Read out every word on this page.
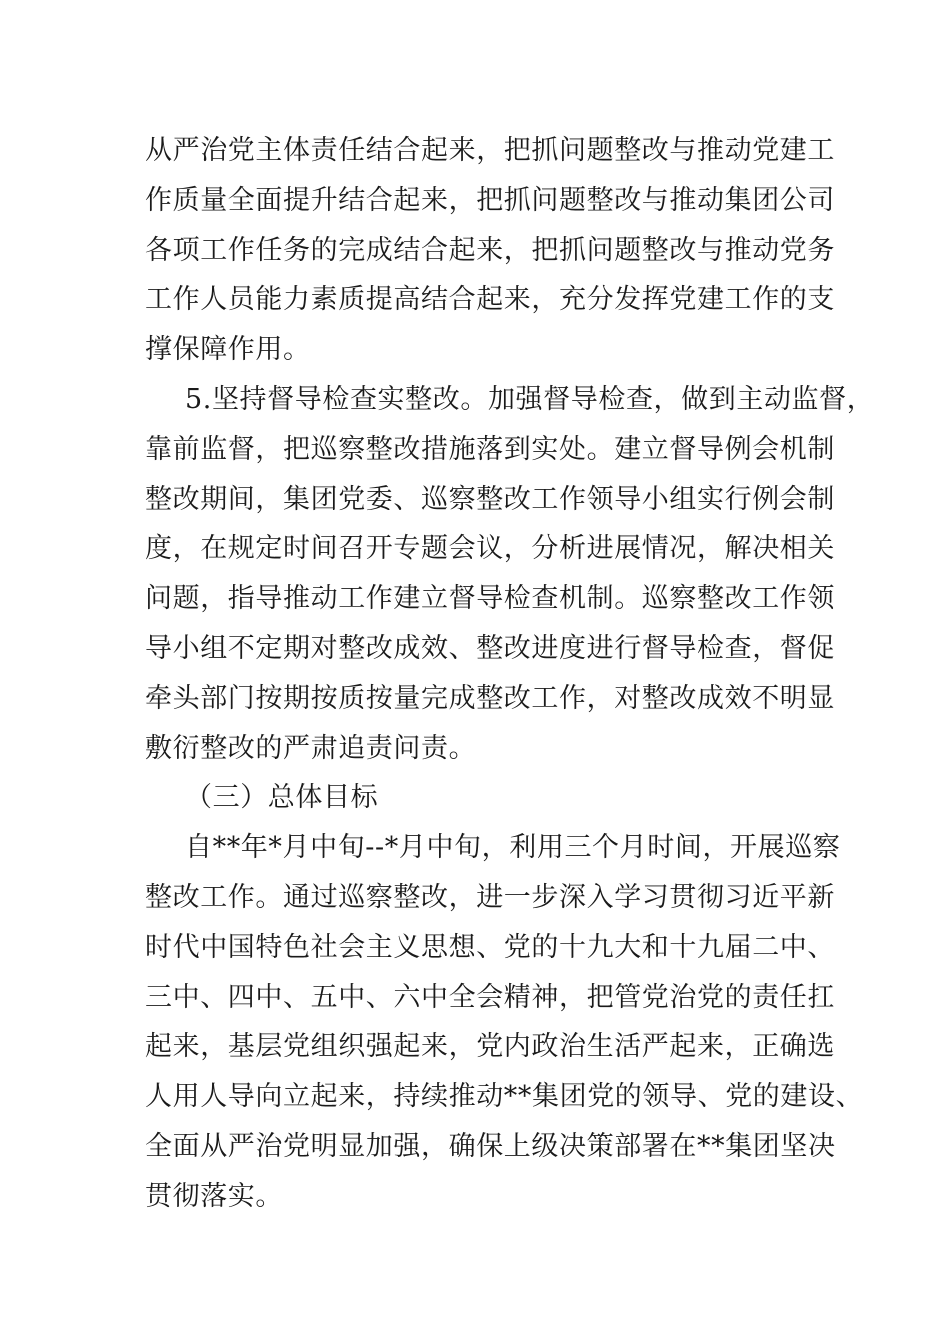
从严治党主体责任结合起来，把抓问题整改与推动党建工
作质量全面提升结合起来，把抓问题整改与推动集团公司
各项工作任务的完成结合起来，把抓问题整改与推动党务
工作人员能力素质提高结合起来，充分发挥党建工作的支
撑保障作用。
5.坚持督导检查实整改。加强督导检查，做到主动监督，
靠前监督，把巡察整改措施落到实处。建立督导例会机制
整改期间，集团党委、巡察整改工作领导小组实行例会制
度，在规定时间召开专题会议，分析进展情况，解决相关
问题，指导推动工作建立督导检查机制。巡察整改工作领
导小组不定期对整改成效、整改进度进行督导检查，督促
牵头部门按期按质按量完成整改工作，对整改成效不明显
敷衍整改的严肃追责问责。
（三）总体目标
自**年*月中旬--*月中旬，利用三个月时间，开展巡察
整改工作。通过巡察整改，进一步深入学习贯彻习近平新
时代中国特色社会主义思想、党的十九大和十九届二中、
三中、四中、五中、六中全会精神，把管党治党的责任扛
起来，基层党组织强起来，党内政治生活严起来，正确选
人用人导向立起来，持续推动**集团党的领导、党的建设、
全面从严治党明显加强，确保上级决策部署在**集团坚决
贯彻落实。
